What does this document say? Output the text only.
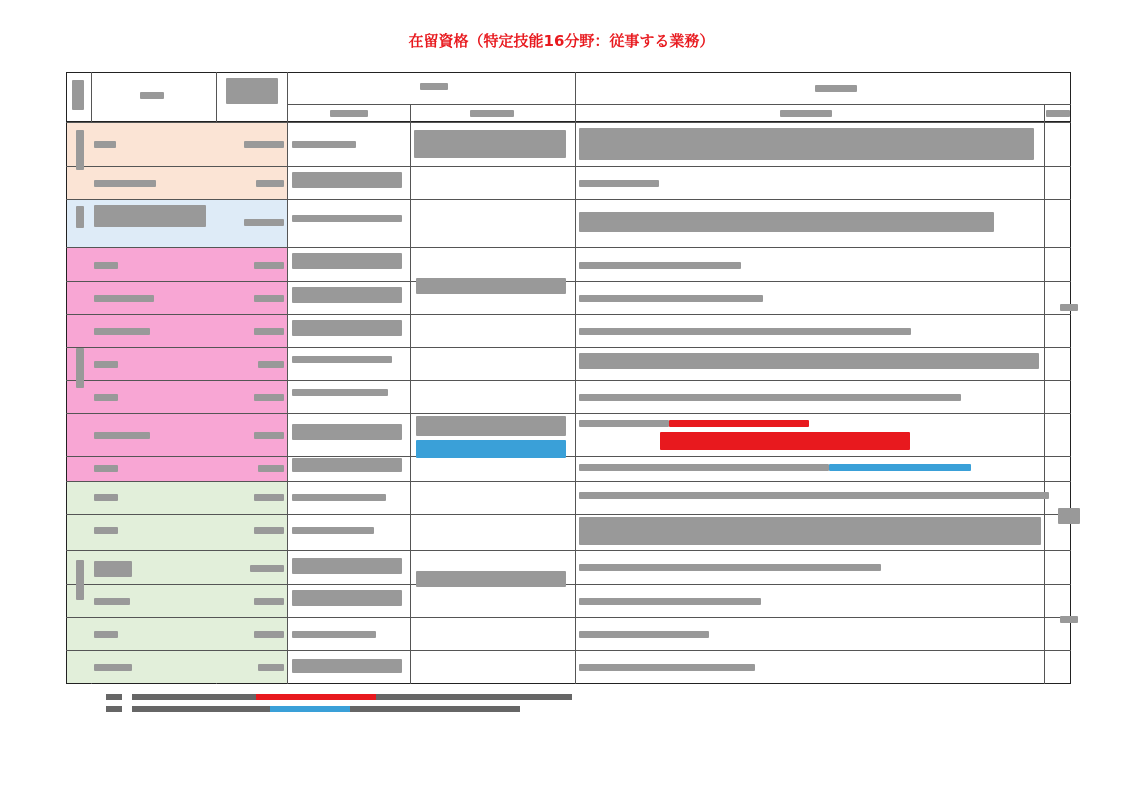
在留資格（特定技能16分野：従事する業務）
